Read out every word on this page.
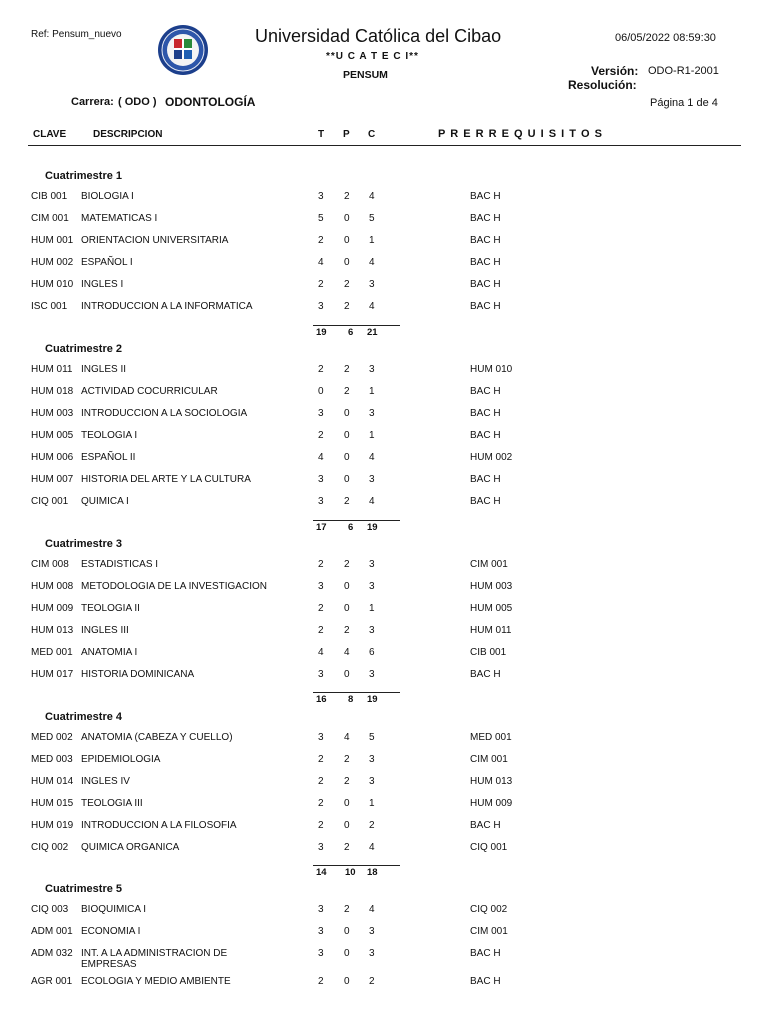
Ref: Pensum_nuevo	Universidad Católica del Cibao
**U C A T E C I**
PENSUM
06/05/2022 08:59:30
Versión: ODO-R1-2001
Resolución:
Carrera: ( ODO ) ODONTOLOGÍA	Página 1 de 4
CLAVE	DESCRIPCION	T P C	P R E R R E Q U I S I T O S
Cuatrimestre 1
CIB 001 BIOLOGIA I	3 2 4	BAC H
CIM 001 MATEMATICAS I	5 0 5	BAC H
HUM 001 ORIENTACION UNIVERSITARIA	2 0 1	BAC H
HUM 002 ESPAÑOL I	4 0 4	BAC H
HUM 010 INGLES I	2 2 3	BAC H
ISC 001 INTRODUCCION A LA INFORMATICA	3 2 4	BAC H
19 6 21
Cuatrimestre 2
HUM 011 INGLES II	2 2 3	HUM 010
HUM 018 ACTIVIDAD COCURRICULAR	0 2 1	BAC H
HUM 003 INTRODUCCION A LA SOCIOLOGIA	3 0 3	BAC H
HUM 005 TEOLOGIA I	2 0 1	BAC H
HUM 006 ESPAÑOL II	4 0 4	HUM 002
HUM 007 HISTORIA DEL ARTE Y LA CULTURA	3 0 3	BAC H
CIQ 001 QUIMICA I	3 2 4	BAC H
17 6 19
Cuatrimestre 3
CIM 008 ESTADISTICAS I	2 2 3	CIM 001
HUM 008 METODOLOGIA DE LA INVESTIGACION	3 0 3	HUM 003
HUM 009 TEOLOGIA II	2 0 1	HUM 005
HUM 013 INGLES III	2 2 3	HUM 011
MED 001 ANATOMIA I	4 4 6	CIB 001
HUM 017 HISTORIA DOMINICANA	3 0 3	BAC H
16 8 19
Cuatrimestre 4
MED 002 ANATOMIA (CABEZA Y CUELLO)	3 4 5	MED 001
MED 003 EPIDEMIOLOGIA	2 2 3	CIM 001
HUM 014 INGLES IV	2 2 3	HUM 013
HUM 015 TEOLOGIA III	2 0 1	HUM 009
HUM 019 INTRODUCCION A LA FILOSOFIA	2 0 2	BAC H
CIQ 002 QUIMICA ORGANICA	3 2 4	CIQ 001
14 10 18
Cuatrimestre 5
CIQ 003 BIOQUIMICA I	3 2 4	CIQ 002
ADM 001 ECONOMIA I	3 0 3	CIM 001
ADM 032 INT. A LA ADMINISTRACION DE
EMPRESAS
3 0 3	BAC H
AGR 001 ECOLOGIA Y MEDIO AMBIENTE	2 0 2	BAC H
